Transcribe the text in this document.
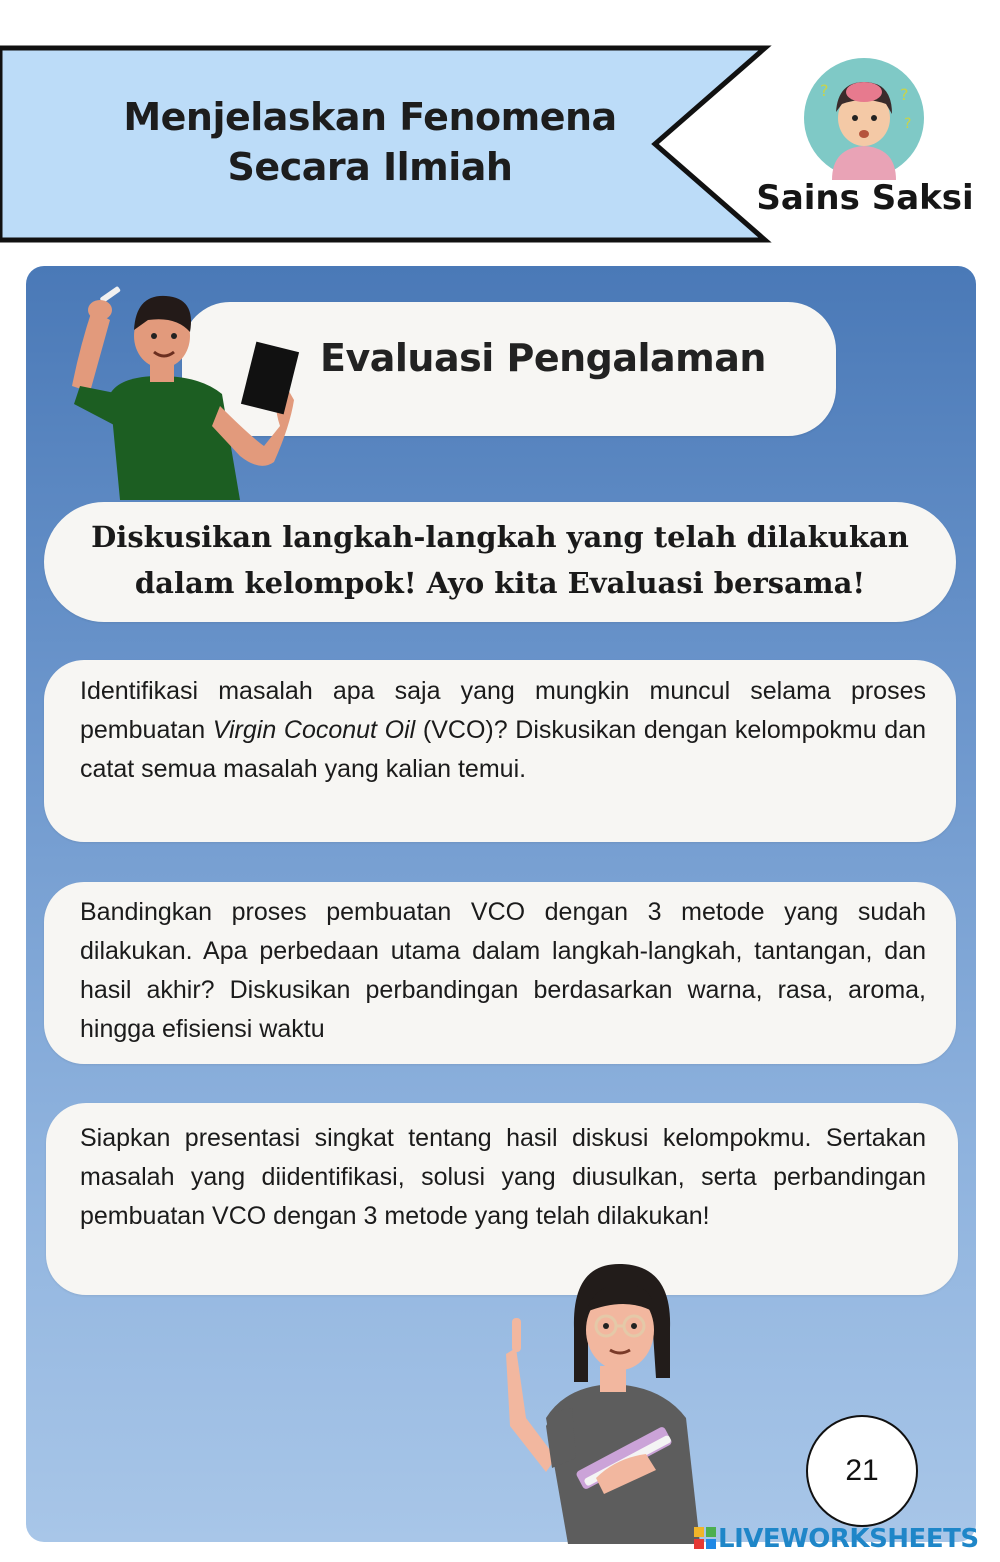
Menjelaskan Fenomena Secara Ilmiah
?	?
?
Sains Saksi
Evaluasi Pengalaman
Diskusikan langkah-langkah yang telah dilakukan dalam kelompok! Ayo kita Evaluasi bersama!
Identifikasi masalah apa saja yang mungkin muncul selama proses pembuatan Virgin Coconut Oil (VCO)? Diskusikan dengan kelompokmu dan catat semua masalah yang kalian temui.
Bandingkan proses pembuatan VCO dengan 3 metode yang sudah dilakukan. Apa perbedaan utama dalam langkah-langkah, tantangan, dan hasil akhir? Diskusikan perbandingan berdasarkan warna, rasa, aroma, hingga efisiensi waktu
Siapkan presentasi singkat tentang hasil diskusi kelompokmu. Sertakan masalah yang diidentifikasi, solusi yang diusulkan, serta perbandingan pembuatan VCO dengan 3 metode yang telah dilakukan!
21
LIVEWORKSHEETS
